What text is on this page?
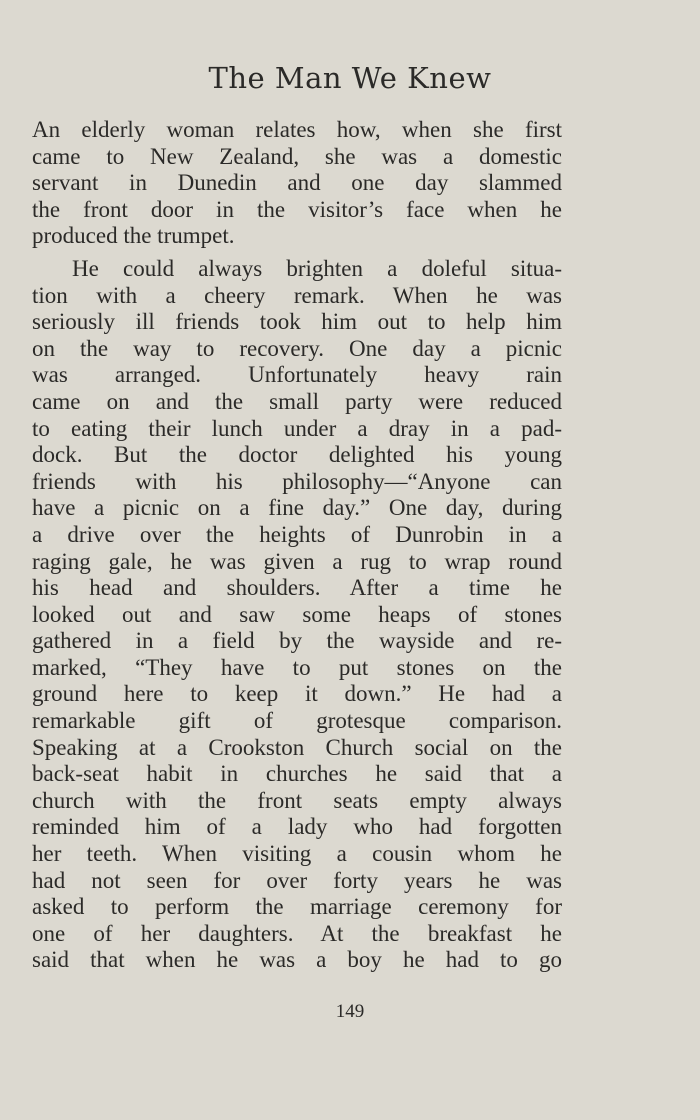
The Man We Knew
An elderly woman relates how, when she first
came to New Zealand, she was a domestic
servant in Dunedin and one day slammed
the front door in the visitor’s face when he
produced the trumpet.
He could always brighten a doleful situa-
tion with a cheery remark. When he was
seriously ill friends took him out to help him
on the way to recovery. One day a picnic
was arranged. Unfortunately heavy rain
came on and the small party were reduced
to eating their lunch under a dray in a pad-
dock. But the doctor delighted his young
friends with his philosophy—“Anyone can
have a picnic on a fine day.” One day, during
a drive over the heights of Dunrobin in a
raging gale, he was given a rug to wrap round
his head and shoulders. After a time he
looked out and saw some heaps of stones
gathered in a field by the wayside and re-
marked, “They have to put stones on the
ground here to keep it down.” He had a
remarkable gift of grotesque comparison.
Speaking at a Crookston Church social on the
back-seat habit in churches he said that a
church with the front seats empty always
reminded him of a lady who had forgotten
her teeth. When visiting a cousin whom he
had not seen for over forty years he was
asked to perform the marriage ceremony for
one of her daughters. At the breakfast he
said that when he was a boy he had to go
149
